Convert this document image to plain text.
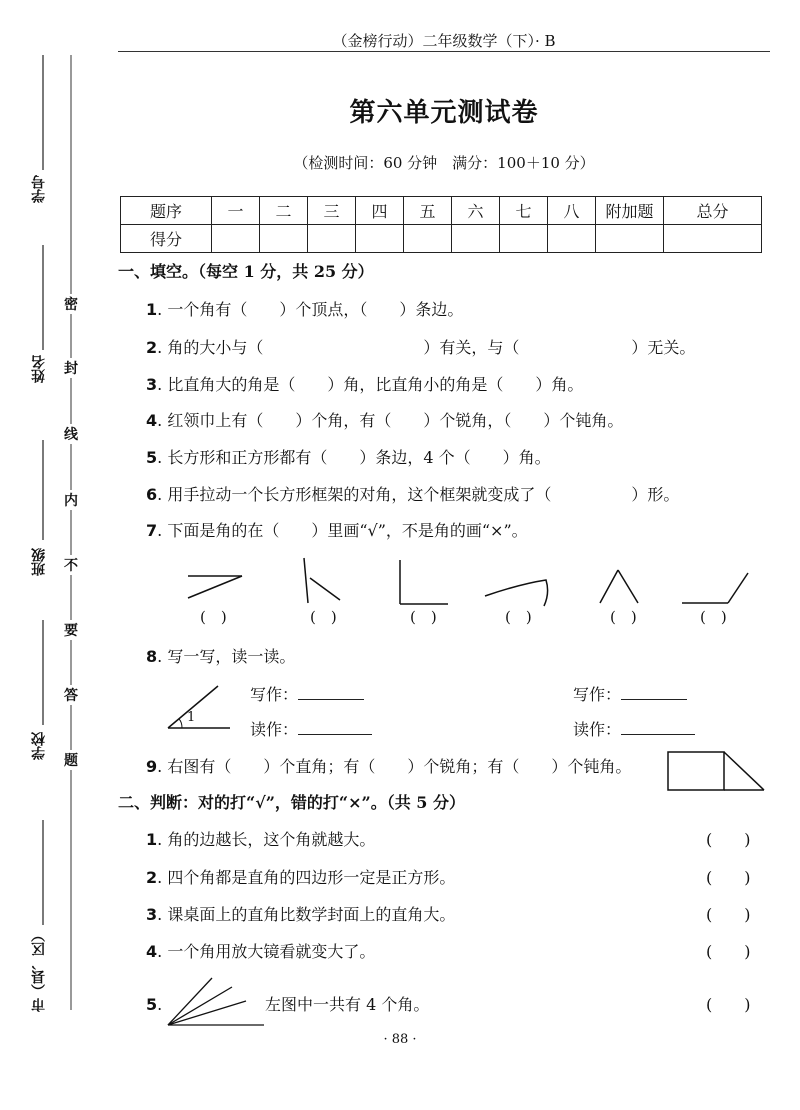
学号
姓名
班级
学校
市（县、区）
密
封
线
内
不
要
答
题
（金榜行动）二年级数学（下）· B
第六单元测试卷
（检测时间：60 分钟　满分：100＋10 分）
题序	一	二	三	四	五	六	七	八	附加题	总分
得分										
一、填空。（每空 1 分，共 25 分）
1. 一个角有（　　）个顶点，（　　）条边。
2. 角的大小与（　　　　　　　　　　）有关，与（　　　　　　　）无关。
3. 比直角大的角是（　　）角，比直角小的角是（　　）角。
4. 红领巾上有（　　）个角，有（　　）个锐角，（　　）个钝角。
5. 长方形和正方形都有（　　）条边，4 个（　　）角。
6. 用手拉动一个长方形框架的对角，这个框架就变成了（　　　　　）形。
7. 下面是角的在（　　）里画“√”，不是角的画“×”。
(　)	(　)	(　)	(　)	(　)	(　)
8. 写一写，读一读。
1
写作：
读作：
写作：
读作：
9. 右图有（　　）个直角；有（　　）个锐角；有（　　）个钝角。
二、判断：对的打“√”，错的打“×”。（共 5 分）
1. 角的边越长，这个角就越大。	(　　)
2. 四个角都是直角的四边形一定是正方形。	(　　)
3. 课桌面上的直角比数学封面上的直角大。	(　　)
4. 一个角用放大镜看就变大了。	(　　)
5.　	左图中一共有 4 个角。	(　　)
· 88 ·
